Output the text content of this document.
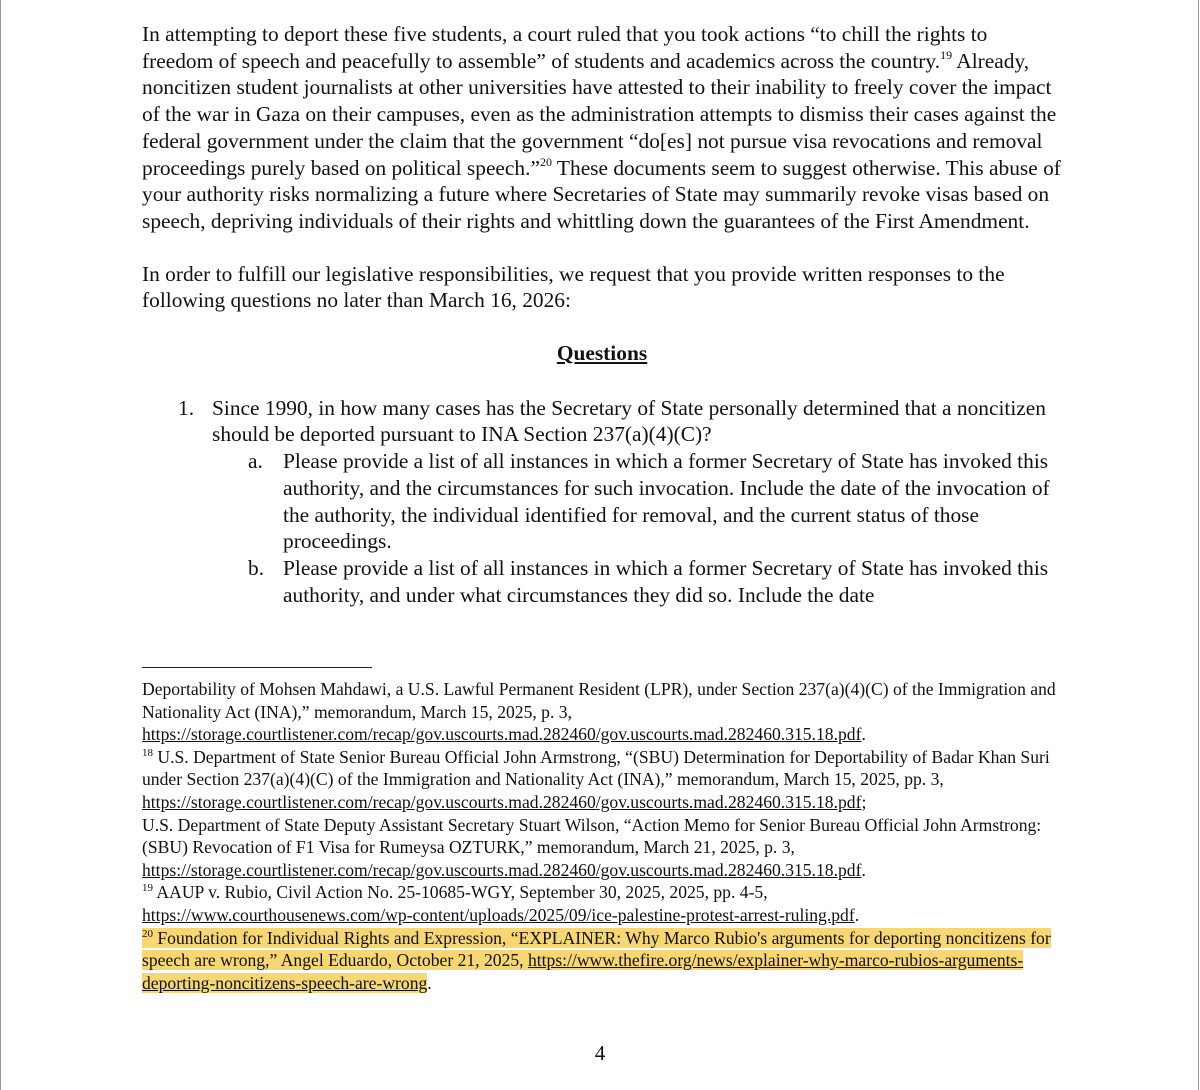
In attempting to deport these five students, a court ruled that you took actions “to chill the rights to freedom of speech and peacefully to assemble” of students and academics across the country.$^{19}$ Already, noncitizen student journalists at other universities have attested to their inability to freely cover the impact of the war in Gaza on their campuses, even as the administration attempts to dismiss their cases against the federal government under the claim that the government “do[es] not pursue visa revocations and removal proceedings purely based on political speech.”$^{20}$ These documents seem to suggest otherwise. This abuse of your authority risks normalizing a future where Secretaries of State may summarily revoke visas based on speech, depriving individuals of their rights and whittling down the guarantees of the First Amendment.

In order to fulfill our legislative responsibilities, we request that you provide written responses to the following questions no later than March 16, 2026:

Questions
1. Since 1990, in how many cases has the Secretary of State personally determined that a noncitizen should be deported pursuant to INA Section 237(a)(4)(C)?
a. Please provide a list of all instances in which a former Secretary of State has invoked this authority, and the circumstances for such invocation. Include the date of the invocation of the authority, the individual identified for removal, and the current status of those proceedings.
b. Please provide a list of all instances in which a former Secretary of State has invoked this authority, and under what circumstances they did so. Include the date

Deportability of Mohsen Mahdawi, a U.S. Lawful Permanent Resident (LPR), under Section 237(a)(4)(C) of the Immigration and Nationality Act (INA),” memorandum, March 15, 2025, p. 3, https://storage.courtlistener.com/recap/gov.uscourts.mad.282460/gov.uscourts.mad.282460.315.18.pdf.

$^{18}$ U.S. Department of State Senior Bureau Official John Armstrong, “(SBU) Determination for Deportability of Badar Khan Suri under Section 237(a)(4)(C) of the Immigration and Nationality Act (INA),” memorandum, March 15, 2025, pp. 3,
https://storage.courtlistener.com/recap/gov.uscourts.mad.282460/gov.uscourts.mad.282460.315.18.pdf;
U.S. Department of State Deputy Assistant Secretary Stuart Wilson, “Action Memo for Senior Bureau Official John Armstrong: (SBU) Revocation of F1 Visa for Rumeysa OZTURK,” memorandum, March 21, 2025, p. 3,
https://storage.courtlistener.com/recap/gov.uscourts.mad.282460/gov.uscourts.mad.282460.315.18.pdf.

$^{19}$ AAUP v. Rubio, Civil Action No. 25-10685-WGY, September 30, 2025, 2025, pp. 4-5,
https://www.courthousenews.com/wp-content/uploads/2025/09/ice-palestine-protest-arrest-ruling.pdf.

$^{20}$ Foundation for Individual Rights and Expression, “EXPLAINER: Why Marco Rubio's arguments for deporting noncitizens for speech are wrong,” Angel Eduardo, October 21, 2025, https://www.thefire.org/news/explainer-why-marco-rubios-arguments-deporting-noncitizens-speech-are-wrong.

4
